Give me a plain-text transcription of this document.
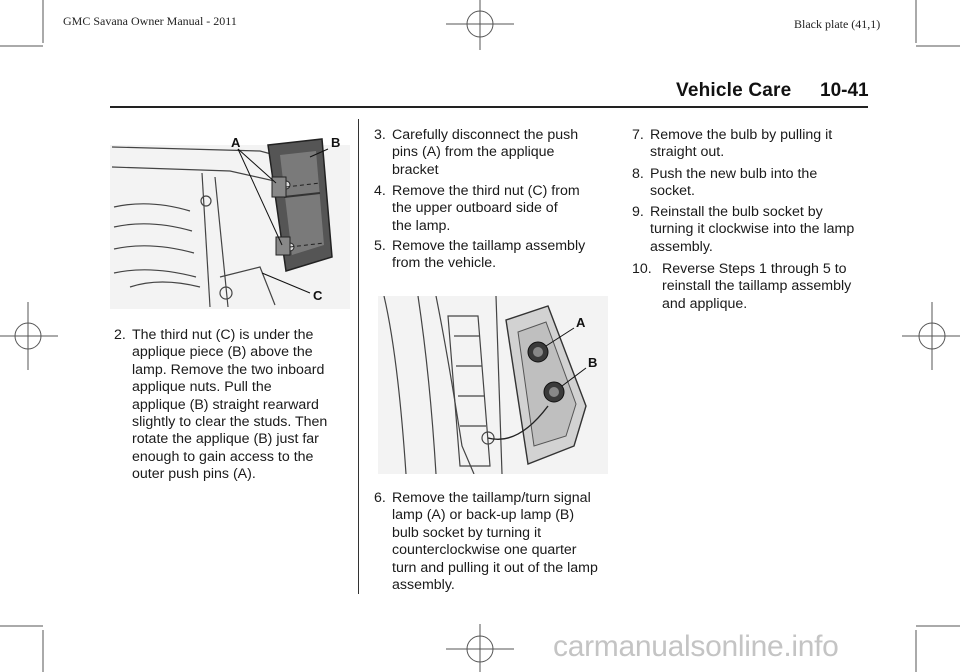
GMC Savana Owner Manual - 2011	Black plate (41,1)
Vehicle Care 10-41
A	B
C
A
B
2. The third nut (C) is under the
applique piece (B) above the
lamp. Remove the two inboard
applique nuts. Pull the
applique (B) straight rearward
slightly to clear the studs. Then
rotate the applique (B) just far
enough to gain access to the
outer push pins (A).
3. Carefully disconnect the push
pins (A) from the applique
bracket
4. Remove the third nut (C) from
the upper outboard side of
the lamp.
5. Remove the taillamp assembly
from the vehicle.
6. Remove the taillamp/turn signal
lamp (A) or back-up lamp (B)
bulb socket by turning it
counterclockwise one quarter
turn and pulling it out of the lamp
assembly.
7. Remove the bulb by pulling it
straight out.
8. Push the new bulb into the
socket.
9. Reinstall the bulb socket by
turning it clockwise into the lamp
assembly.
10. Reverse Steps 1 through 5 to
reinstall the taillamp assembly
and applique.
carmanualsonline.info
